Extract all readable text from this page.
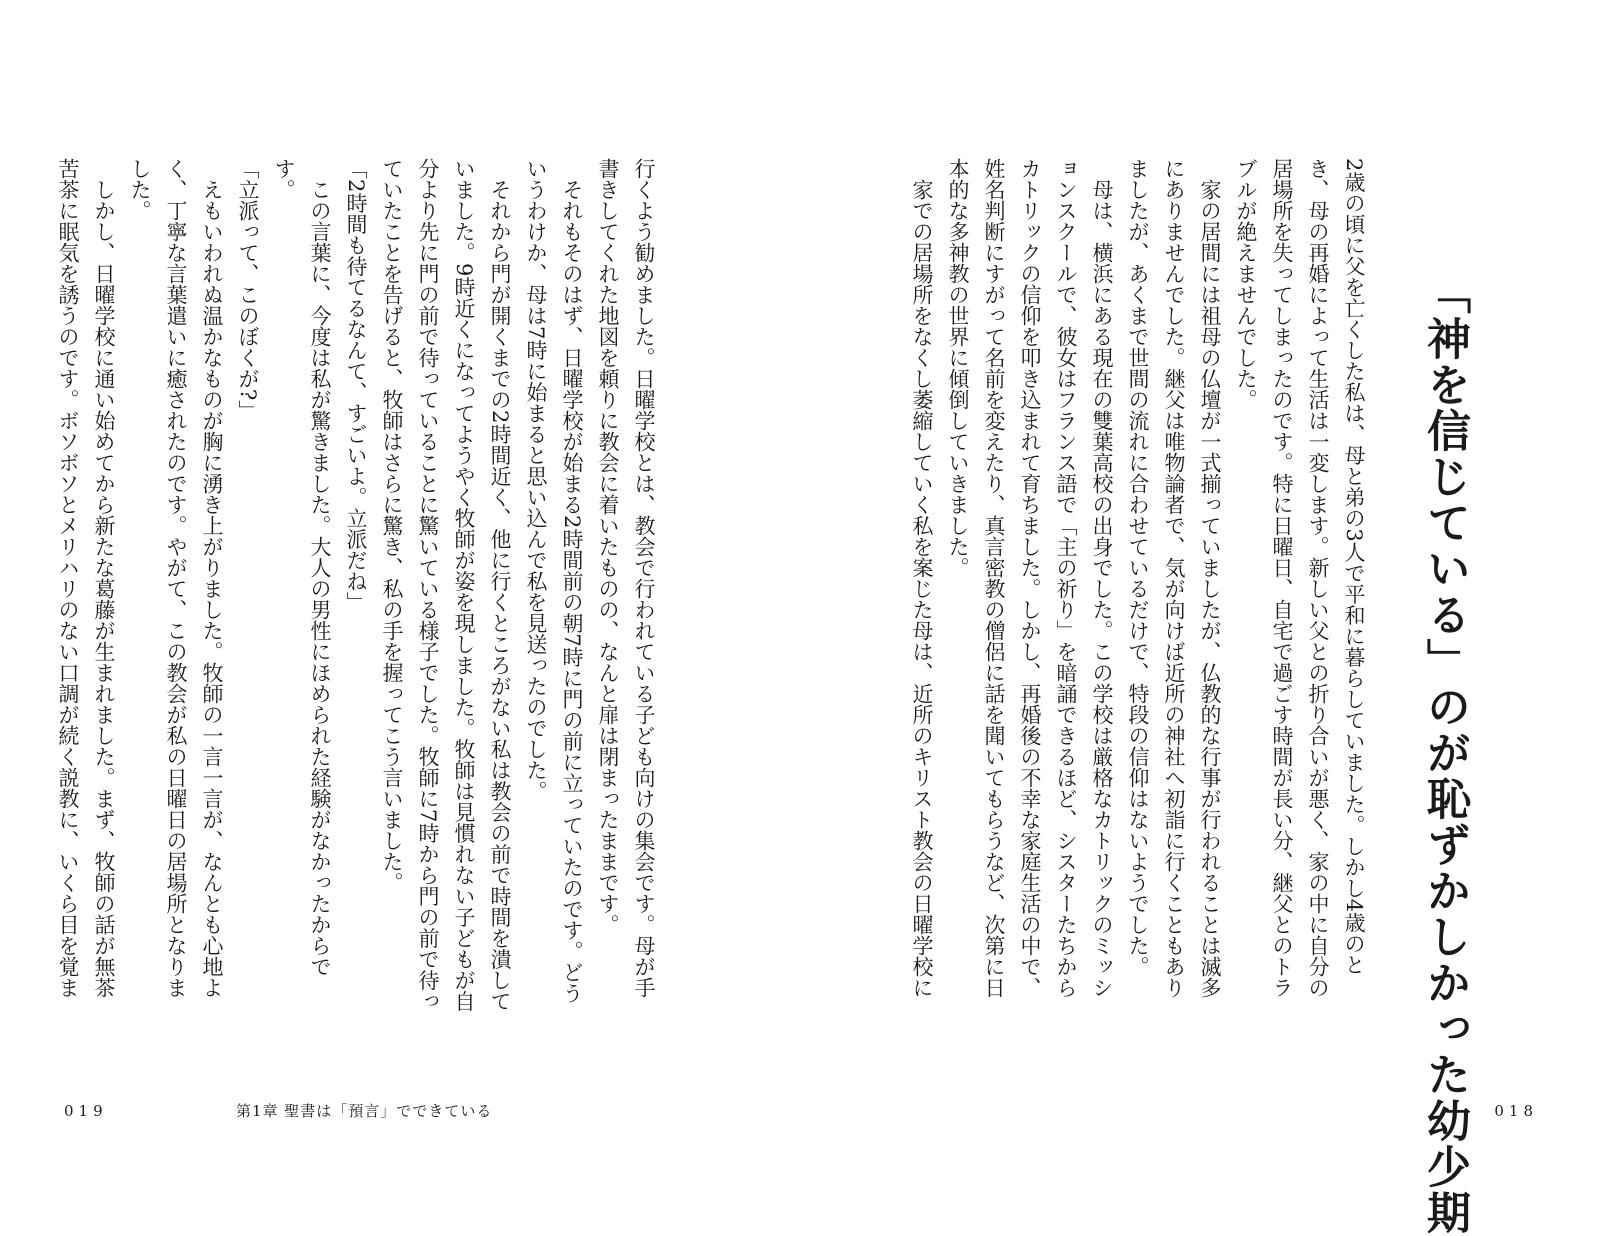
「神を信じている」のが恥ずかしかった幼少期

2歳の頃に父を亡くした私は、母と弟の3人で平和に暮らしていました。しかし4歳のとき、母の再婚によって生活は一変します。新しい父との折り合いが悪く、家の中に自分の居場所を失ってしまったのです。特に日曜日、自宅で過ごす時間が長い分、継父とのトラブルが絶えませんでした。

家の居間には祖母の仏壇が一式揃っていましたが、仏教的な行事が行われることは滅多にありませんでした。継父は唯物論者で、気が向けば近所の神社へ初詣に行くこともありましたが、あくまで世間の流れに合わせているだけで、特段の信仰はないようでした。

母は、横浜にある現在の雙葉高校の出身でした。この学校は厳格なカトリックのミッションスクールで、彼女はフランス語で「主の祈り」を暗誦できるほど、シスターたちからカトリックの信仰を叩き込まれて育ちました。しかし、再婚後の不幸な家庭生活の中で、姓名判断にすがって名前を変えたり、真言密教の僧侶に話を聞いてもらうなど、次第に日本的な多神教の世界に傾倒していきました。

家での居場所をなくし萎縮していく私を案じた母は、近所のキリスト教会の日曜学校に

018

行くよう勧めました。日曜学校とは、教会で行われている子ども向けの集会です。母が手書きしてくれた地図を頼りに教会に着いたものの、なんと扉は閉まったままです。

それもそのはず、日曜学校が始まる2時間前の朝7時に門の前に立っていたのです。どういうわけか、母は7時に始まると思い込んで私を見送ったのでした。

それから門が開くまでの2時間近く、他に行くところがない私は教会の前で時間を潰していました。9時近くになってようやく牧師が姿を現しました。牧師は見慣れない子どもが自分より先に門の前で待っていることに驚いている様子でした。牧師に7時から門の前で待っていたことを告げると、牧師はさらに驚き、私の手を握ってこう言いました。

「2時間も待てるなんて、すごいよ。立派だね」

この言葉に、今度は私が驚きました。大人の男性にほめられた経験がなかったからです。

「立派って、このぼくが?」

えもいわれぬ温かなものが胸に湧き上がりました。牧師の一言一言が、なんとも心地よく、丁寧な言葉遣いに癒されたのです。やがて、この教会が私の日曜日の居場所となりました。

しかし、日曜学校に通い始めてから新たな葛藤が生まれました。まず、牧師の話が無茶苦茶に眠気を誘うのです。ボソボソとメリハリのない口調が続く説教に、いくら目を覚ま

019	第1章 聖書は「預言」でできている
